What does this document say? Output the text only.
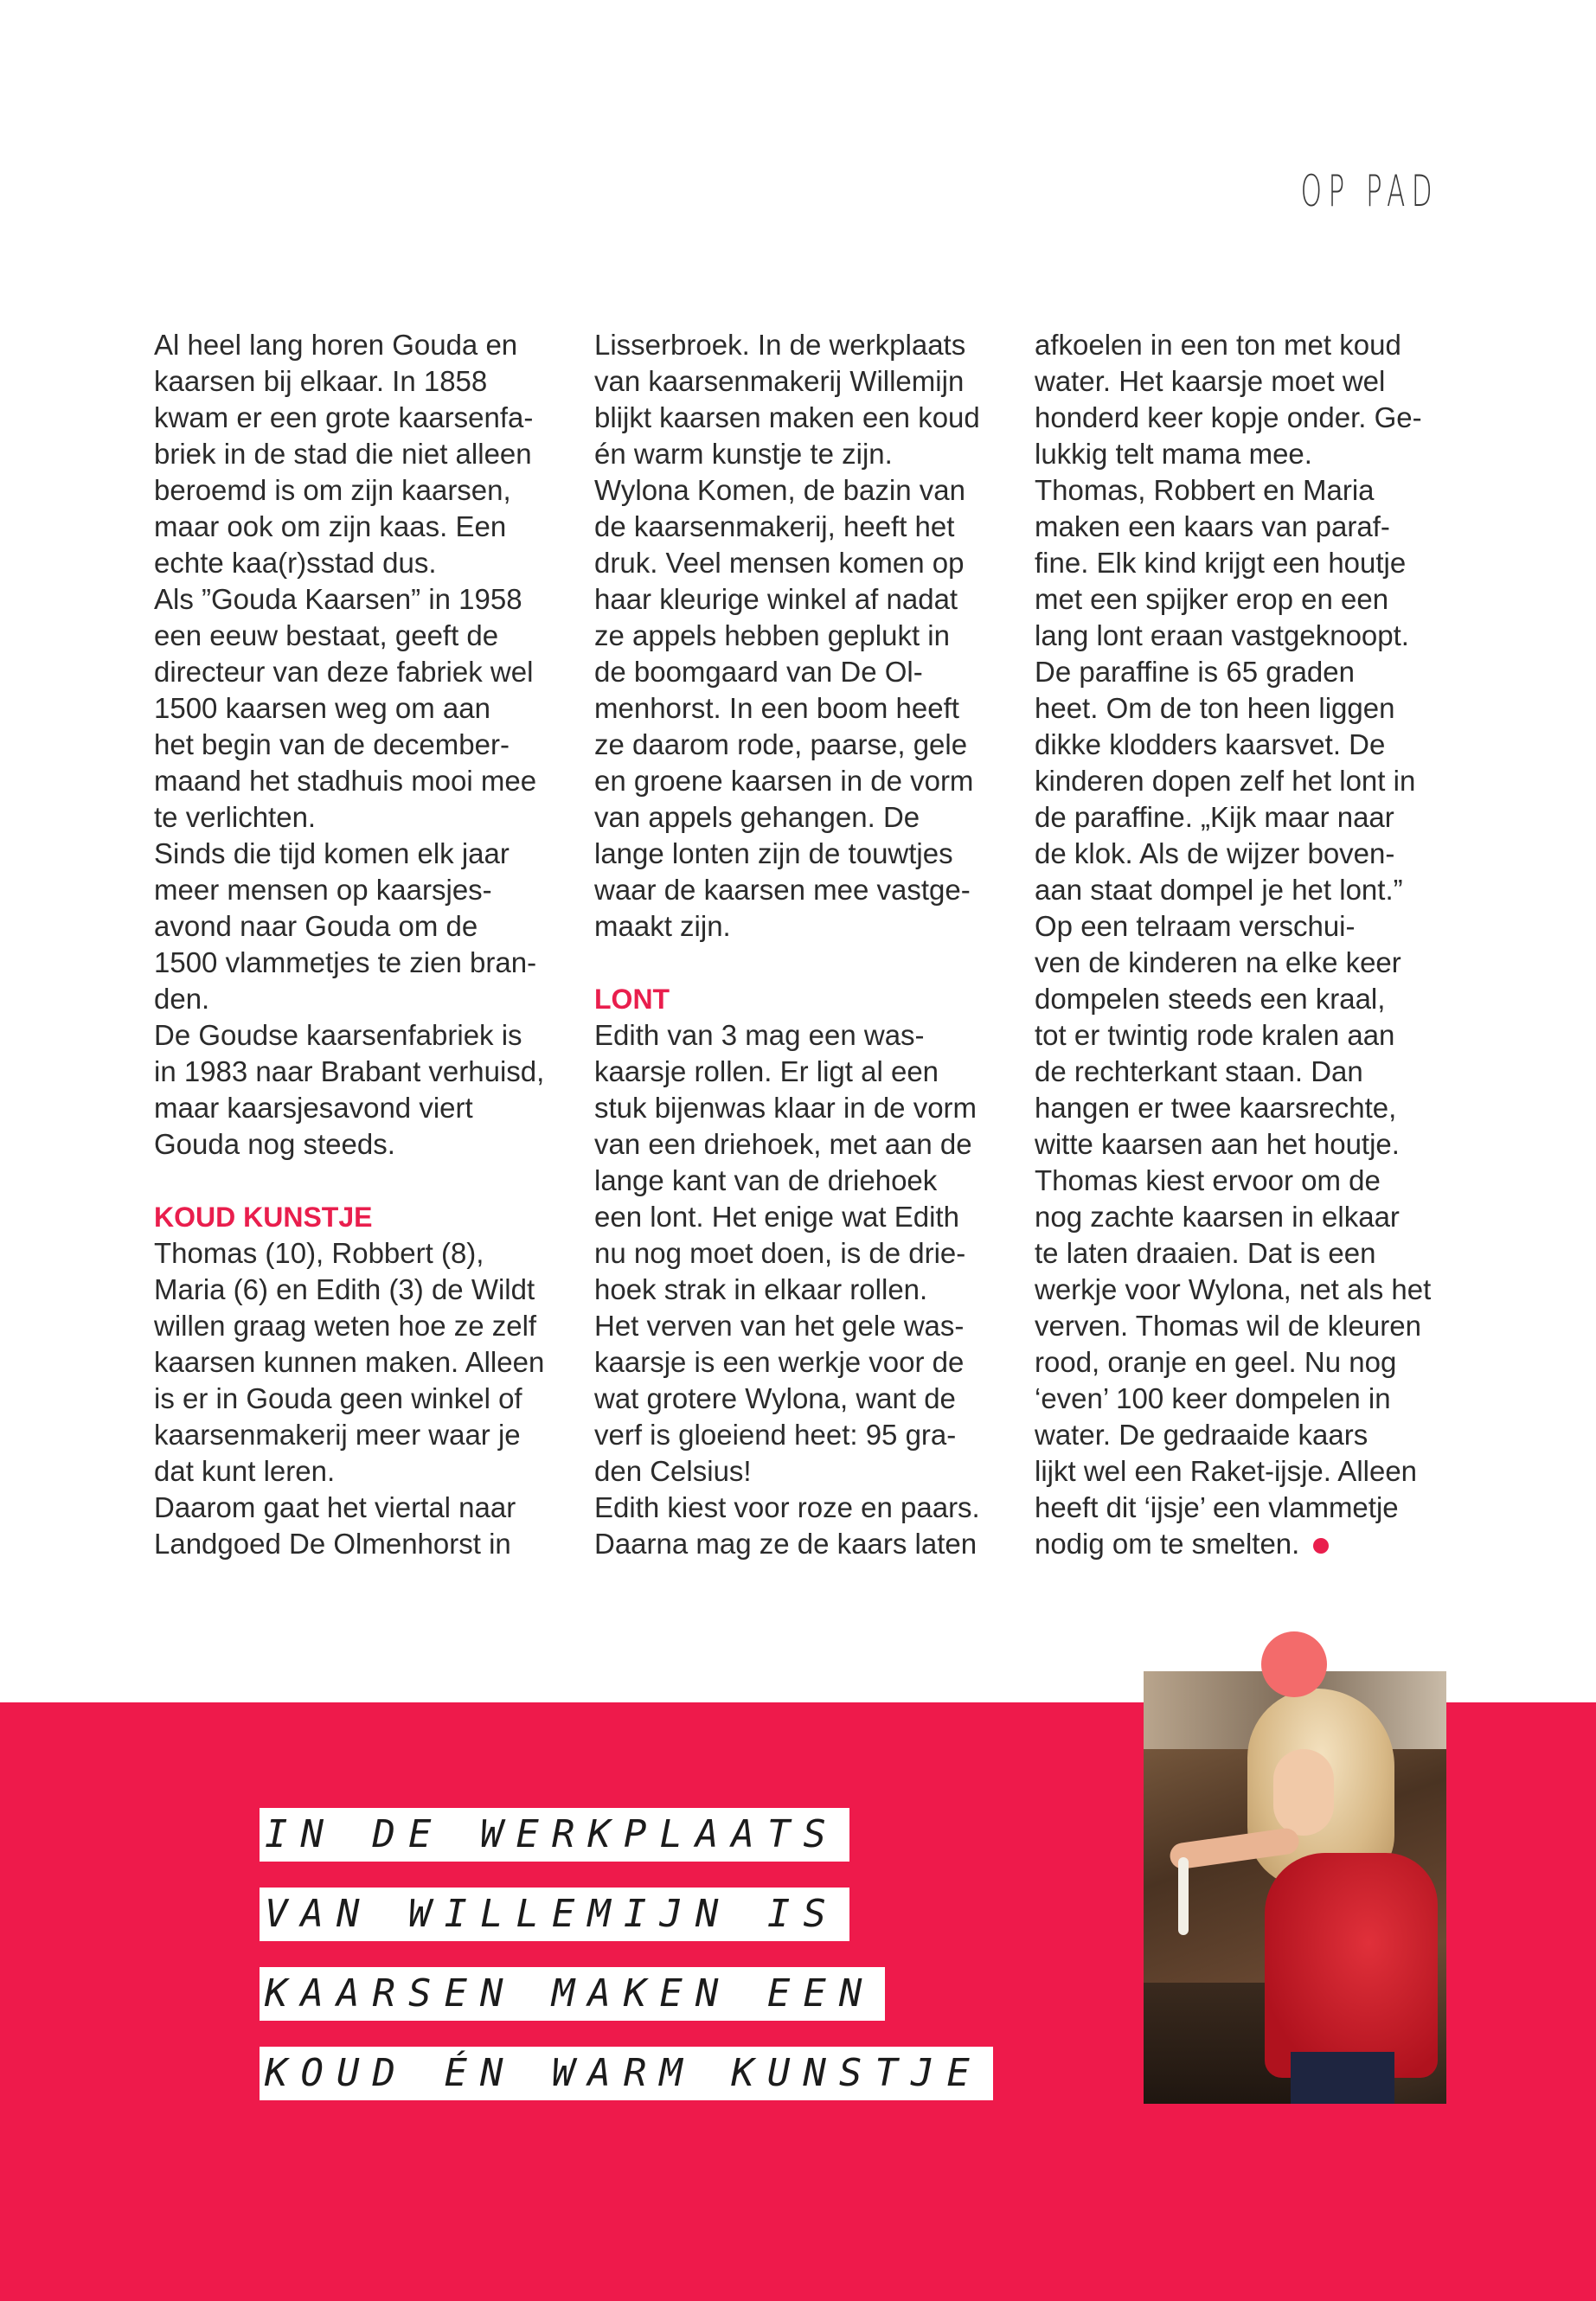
OP PAD
Al heel lang horen Gouda en
kaarsen bij elkaar. In 1858
kwam er een grote kaarsenfa-
briek in de stad die niet alleen
beroemd is om zijn kaarsen,
maar ook om zijn kaas. Een
echte kaa(r)sstad dus.
Als ”Gouda Kaarsen” in 1958
een eeuw bestaat, geeft de
directeur van deze fabriek wel
1500 kaarsen weg om aan
het begin van de december-
maand het stadhuis mooi mee
te verlichten.
Sinds die tijd komen elk jaar
meer mensen op kaarsjes-
avond naar Gouda om de
1500 vlammetjes te zien bran-
den.
De Goudse kaarsenfabriek is
in 1983 naar Brabant verhuisd,
maar kaarsjesavond viert
Gouda nog steeds.
KOUD KUNSTJE
Thomas (10), Robbert (8),
Maria (6) en Edith (3) de Wildt
willen graag weten hoe ze zelf
kaarsen kunnen maken. Alleen
is er in Gouda geen winkel of
kaarsenmakerij meer waar je
dat kunt leren.
Daarom gaat het viertal naar
Landgoed De Olmenhorst in
Lisserbroek. In de werkplaats
van kaarsenmakerij Willemijn
blijkt kaarsen maken een koud
én warm kunstje te zijn.
Wylona Komen, de bazin van
de kaarsenmakerij, heeft het
druk. Veel mensen komen op
haar kleurige winkel af nadat
ze appels hebben geplukt in
de boomgaard van De Ol-
menhorst. In een boom heeft
ze daarom rode, paarse, gele
en groene kaarsen in de vorm
van appels gehangen. De
lange lonten zijn de touwtjes
waar de kaarsen mee vastge-
maakt zijn.
LONT
Edith van 3 mag een was-
kaarsje rollen. Er ligt al een
stuk bijenwas klaar in de vorm
van een driehoek, met aan de
lange kant van de driehoek
een lont. Het enige wat Edith
nu nog moet doen, is de drie-
hoek strak in elkaar rollen.
Het verven van het gele was-
kaarsje is een werkje voor de
wat grotere Wylona, want de
verf is gloeiend heet: 95 gra-
den Celsius!
Edith kiest voor roze en paars.
Daarna mag ze de kaars laten
afkoelen in een ton met koud
water. Het kaarsje moet wel
honderd keer kopje onder. Ge-
lukkig telt mama mee.
Thomas, Robbert en Maria
maken een kaars van paraf-
fine. Elk kind krijgt een houtje
met een spijker erop en een
lang lont eraan vastgeknoopt.
De paraffine is 65 graden
heet. Om de ton heen liggen
dikke klodders kaarsvet. De
kinderen dopen zelf het lont in
de paraffine. „Kijk maar naar
de klok. Als de wijzer boven-
aan staat dompel je het lont.”
Op een telraam verschui-
ven de kinderen na elke keer
dompelen steeds een kraal,
tot er twintig rode kralen aan
de rechterkant staan. Dan
hangen er twee kaarsrechte,
witte kaarsen aan het houtje.
Thomas kiest ervoor om de
nog zachte kaarsen in elkaar
te laten draaien. Dat is een
werkje voor Wylona, net als het
verven. Thomas wil de kleuren
rood, oranje en geel. Nu nog
‘even’ 100 keer dompelen in
water. De gedraaide kaars
lijkt wel een Raket-ijsje. Alleen
heeft dit ‘ijsje’ een vlammetje
nodig om te smelten.
IN DE WERKPLAATS
VAN WILLEMIJN IS
KAARSEN MAKEN EEN
KOUD ÉN WARM KUNSTJE
